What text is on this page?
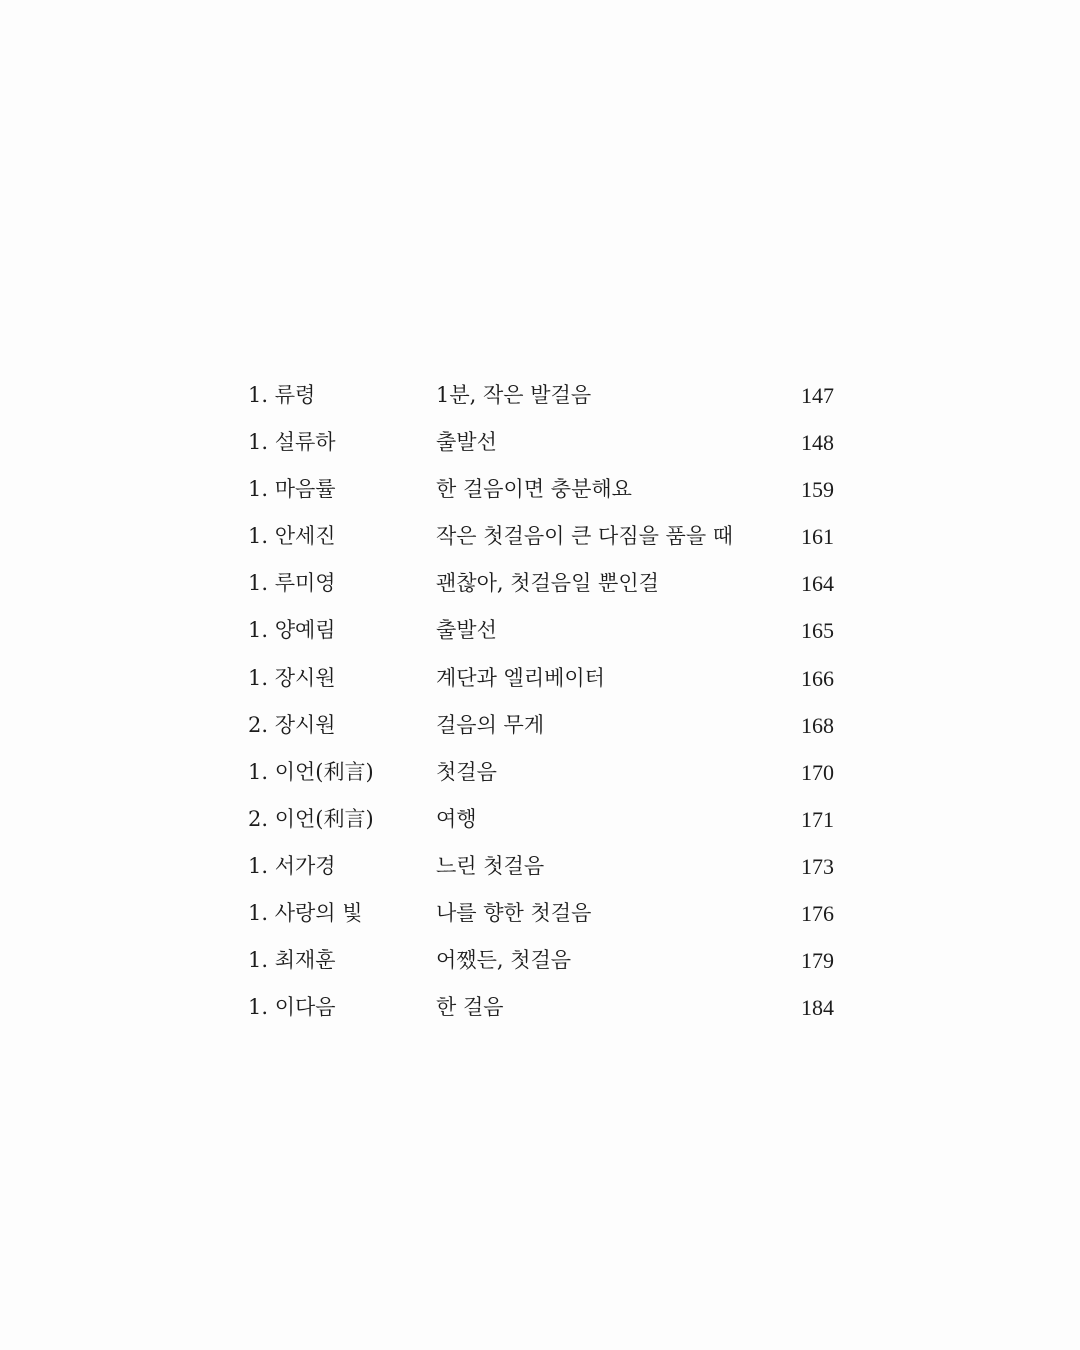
1. 류령	1분, 작은 발걸음	147
1. 설류하	출발선	148
1. 마음률	한 걸음이면 충분해요	159
1. 안세진	작은 첫걸음이 큰 다짐을 품을 때	161
1. 루미영	괜찮아, 첫걸음일 뿐인걸	164
1. 양예림	출발선	165
1. 장시원	계단과 엘리베이터	166
2. 장시원	걸음의 무게	168
1. 이언(利言)	첫걸음	170
2. 이언(利言)	여행	171
1. 서가경	느린 첫걸음	173
1. 사랑의 빛	나를 향한 첫걸음	176
1. 최재훈	어쨌든, 첫걸음	179
1. 이다음	한 걸음	184
